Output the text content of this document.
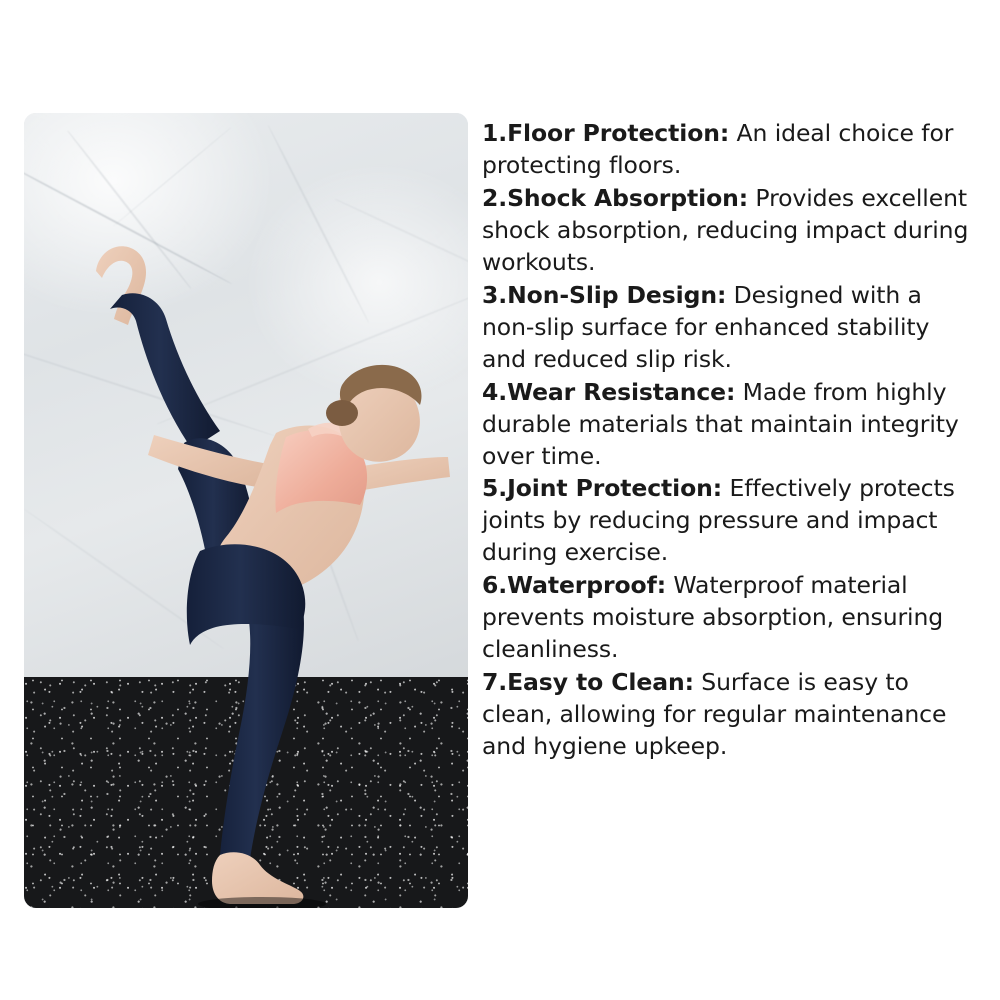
1.Floor Protection: An ideal choice for protecting floors.

2.Shock Absorption: Provides excellent shock absorption, reducing impact during workouts.

3.Non-Slip Design: Designed with a non-slip surface for enhanced stability and reduced slip risk.

4.Wear Resistance: Made from highly durable materials that maintain integrity over time.

5.Joint Protection: Effectively protects joints by reducing pressure and impact during exercise.

6.Waterproof: Waterproof material prevents moisture absorption, ensuring cleanliness.

7.Easy to Clean: Surface is easy to clean, allowing for regular maintenance and hygiene upkeep.
